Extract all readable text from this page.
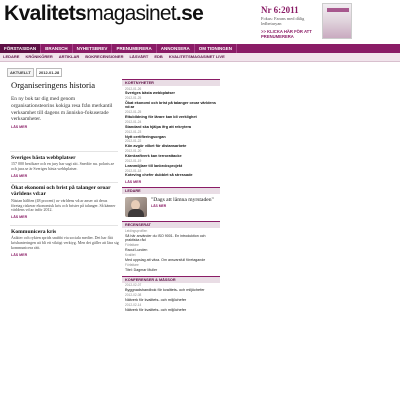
Kvalitetsmagasinet.se	Nr 6:2011
Fokus: Farans med dålig ledbetaryan
>> KLICKA HÄR FÖR ATT PRENUMERERA
FÖRSTASIDAN	BRANSCH	NYHETSBREV	PRENUMERERA	ANNONSERA	OM TIDNINGEN
LEDARE	KRÖNIKÖRER	ARTIKLAR	BOKRECENSIONER	LÄSVÄRT	EDB	KVALITETSMAGASINET LIVE
AKTUELLT	2012-01-28
Organiseringens historia
En ny bok tar dig med genom organisationsteorins kokiga resa från merkantil verksamhet till dagens m ännisko-fokuserade verksamheter.
LÄS MER
Sveriges bästa webbplatser
157 000 besökare och en jury har sagt sitt. Snedtiv nu. polaris.se och jura.se är Sveriges bästa webbplatser.
LÄS MER
Ökat ekonomi och brist på talanger oroar världens vd:ar
Nästan hälften (48 procent) av världens vd:ar anser att deras företag riskerar ekonomisk kris och brister på talanger. Så känner världens vd:ar inför 2012.
LÄS MER
Kommunicera kris
Åsikter och rykten sprids snabbt via sociala medier. Det har fått krishanteringen att bli ett viktigt verktyg. Men det gäller att lära sig kommunicera rätt.
LÄS MER
KORTNYHETER
2012-01-26
Sveriges bästa webbplatser
2012-01-25
Ökat ekonomi och brist på talanger oroar världens vd:ar
2012-01-25
Ettubildning för lärare kan bli verklighet
2012-01-24
Standard ska hjälpa ifrg att rekrytera
2012-01-23
Nytt certifieringsorgan
2012-01-22
Kön avgör vilket för distansarbete
2012-01-20
Kärnkraftverk kan terrorattacke
2012-01-19
Leanmöjlare till lanbrcksprojekt
2012-01-18
Koteving chefer dubblet så stressade
LÄS MER
LEDARE
"Dags att lämna myrstaden"
LÄS MER
RECENSERAT
Leidingsprofilen
Så här använder du ISO 9001. En introduktion och praktiska råd
Författare
Raoul Lunden
Kvalitet
Med uppslag att växa. Om ansvarsfull företagande
Författare
Titel: Dagmar Muller
KONFERENSER & MÄSSOR
2012-02-07
Byggnadshandbok för kvalitets- och miljöchefer
2012-02-08
Nätverk för kvalitets- och miljöchefer
2012-02-14
Nätverk för kvalitets- och miljöchefer
